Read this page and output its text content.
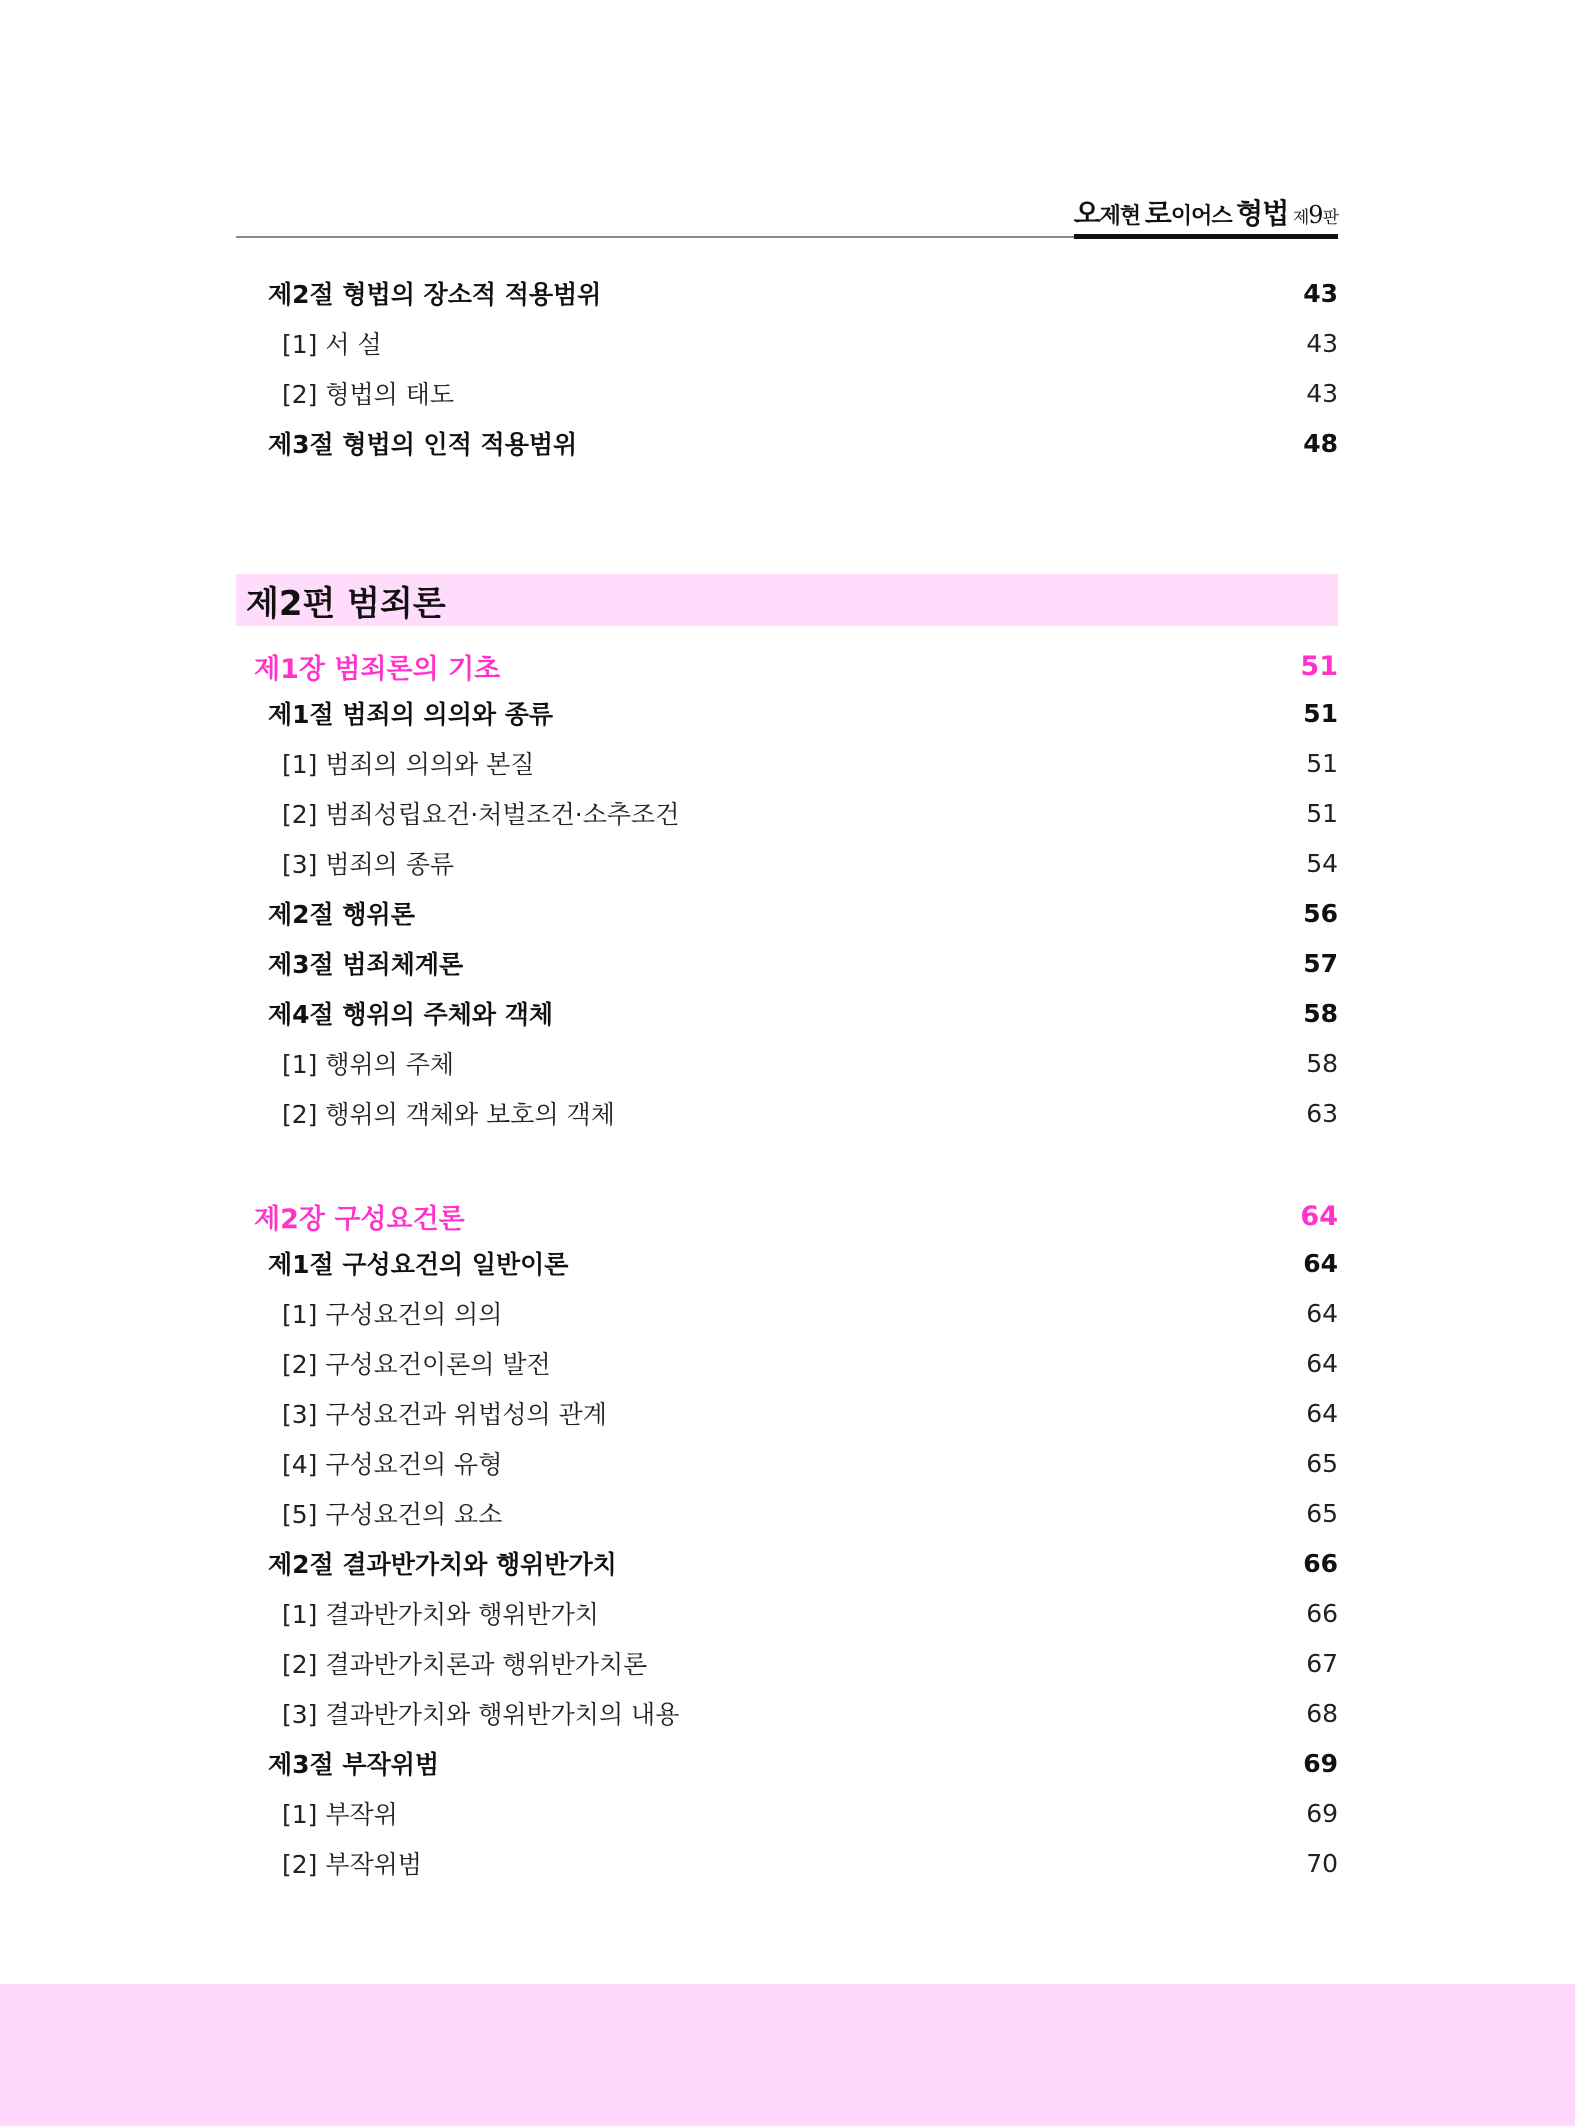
오제현 로이어스 형법 제9판
제2절 형법의 장소적 적용범위	43
[1] 서 설	43
[2] 형법의 태도	43
제3절 형법의 인적 적용범위	48
제2편 범죄론
제1장 범죄론의 기초	51
제1절 범죄의 의의와 종류	51
[1] 범죄의 의의와 본질	51
[2] 범죄성립요건·처벌조건·소추조건	51
[3] 범죄의 종류	54
제2절 행위론	56
제3절 범죄체계론	57
제4절 행위의 주체와 객체	58
[1] 행위의 주체	58
[2] 행위의 객체와 보호의 객체	63
제2장 구성요건론	64
제1절 구성요건의 일반이론	64
[1] 구성요건의 의의	64
[2] 구성요건이론의 발전	64
[3] 구성요건과 위법성의 관계	64
[4] 구성요건의 유형	65
[5] 구성요건의 요소	65
제2절 결과반가치와 행위반가치	66
[1] 결과반가치와 행위반가치	66
[2] 결과반가치론과 행위반가치론	67
[3] 결과반가치와 행위반가치의 내용	68
제3절 부작위범	69
[1] 부작위	69
[2] 부작위범	70
